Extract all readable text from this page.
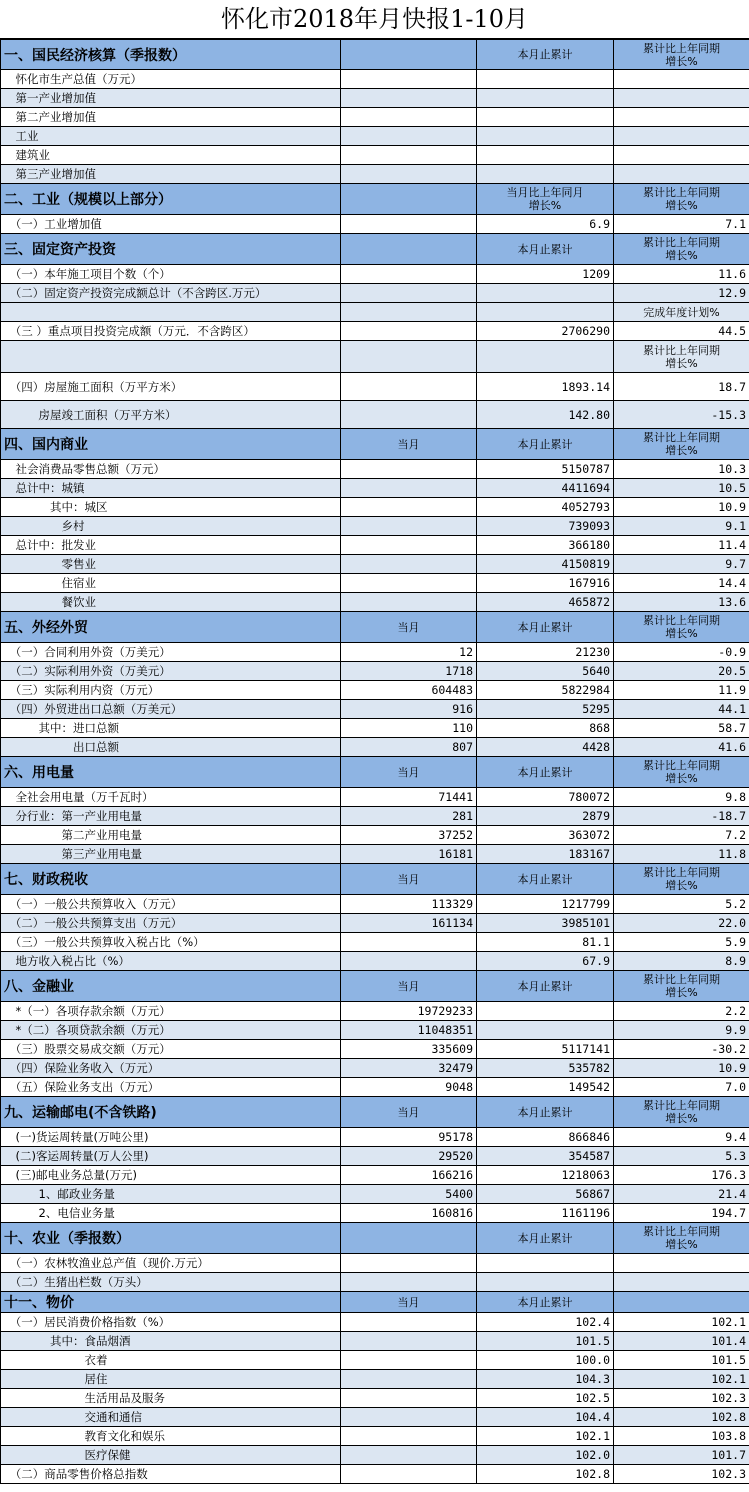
怀化市2018年月快报1-10月
一、国民经济核算（季报数）		本月止累计	累计比上年同期
增长%
　怀化市生产总值（万元）			
　第一产业增加值			
　第二产业增加值			
　工业			
　建筑业			
　第三产业增加值			
二、工业（规模以上部分）		当月比上年同月
增长%	累计比上年同期
增长%
　（一）工业增加值		6.9	7.1
三、固定资产投资		本月止累计	累计比上年同期
增长%
　（一）本年施工项目个数（个）		1209	11.6
　（二）固定资产投资完成额总计（不含跨区.万元）			12.9
			完成年度计划%
　（三 ）重点项目投资完成额（万元．不含跨区）		2706290	44.5
			累计比上年同期
增长%
　（四）房屋施工面积（万平方米）		1893.14	18.7
　　　房屋竣工面积（万平方米）		142.80	-15.3
四、国内商业	当月	本月止累计	累计比上年同期
增长%
　社会消费品零售总额（万元）		5150787	10.3
　总计中：城镇		4411694	10.5
　　　　其中：城区		4052793	10.9
　　　　　乡村		739093	9.1
　总计中：批发业		366180	11.4
　　　　　零售业		4150819	9.7
　　　　　住宿业		167916	14.4
　　　　　餐饮业		465872	13.6
五、外经外贸	当月	本月止累计	累计比上年同期
增长%
　（一）合同利用外资（万美元）	12	21230	-0.9
　（二）实际利用外资（万美元）	1718	5640	20.5
　（三）实际利用内资（万元）	604483	5822984	11.9
　（四）外贸进出口总额（万美元）	916	5295	44.1
　　　其中：进口总额	110	868	58.7
　　　　　　出口总额	807	4428	41.6
六、用电量	当月	本月止累计	累计比上年同期
增长%
　全社会用电量（万千瓦时）	71441	780072	9.8
　分行业：第一产业用电量	281	2879	-18.7
　　　　　第二产业用电量	37252	363072	7.2
　　　　　第三产业用电量	16181	183167	11.8
七、财政税收	当月	本月止累计	累计比上年同期
增长%
　（一）一般公共预算收入（万元）	113329	1217799	5.2
　（二）一般公共预算支出（万元）	161134	3985101	22.0
　（三）一般公共预算收入税占比（%）		81.1	5.9
　地方收入税占比（%）		67.9	8.9
八、金融业	当月	本月止累计	累计比上年同期
增长%
　*（一）各项存款余额（万元）	19729233		2.2
　*（二）各项贷款余额（万元）	11048351		9.9
　（三）股票交易成交额（万元）	335609	5117141	-30.2
　（四）保险业务收入（万元）	32479	535782	10.9
　（五）保险业务支出（万元）	9048	149542	7.0
九、运输邮电(不含铁路)	当月	本月止累计	累计比上年同期
增长%
　(一)货运周转量(万吨公里)	95178	866846	9.4
　(二)客运周转量(万人公里)	29520	354587	5.3
　(三)邮电业务总量(万元)	166216	1218063	176.3
　　　1、邮政业务量	5400	56867	21.4
　　　2、电信业务量	160816	1161196	194.7
十、农业（季报数）		本月止累计	累计比上年同期
增长%
　（一）农林牧渔业总产值（现价.万元）			
　（二）生猪出栏数（万头）			
十一、物价	当月	本月止累计	
　（一）居民消费价格指数（%）		102.4	102.1
　　　　其中：食品烟酒		101.5	101.4
　　　　　　　衣着		100.0	101.5
　　　　　　　居住		104.3	102.1
　　　　　　　生活用品及服务		102.5	102.3
　　　　　　　交通和通信		104.4	102.8
　　　　　　　教育文化和娱乐		102.1	103.8
　　　　　　　医疗保健		102.0	101.7
　（二）商品零售价格总指数		102.8	102.3
